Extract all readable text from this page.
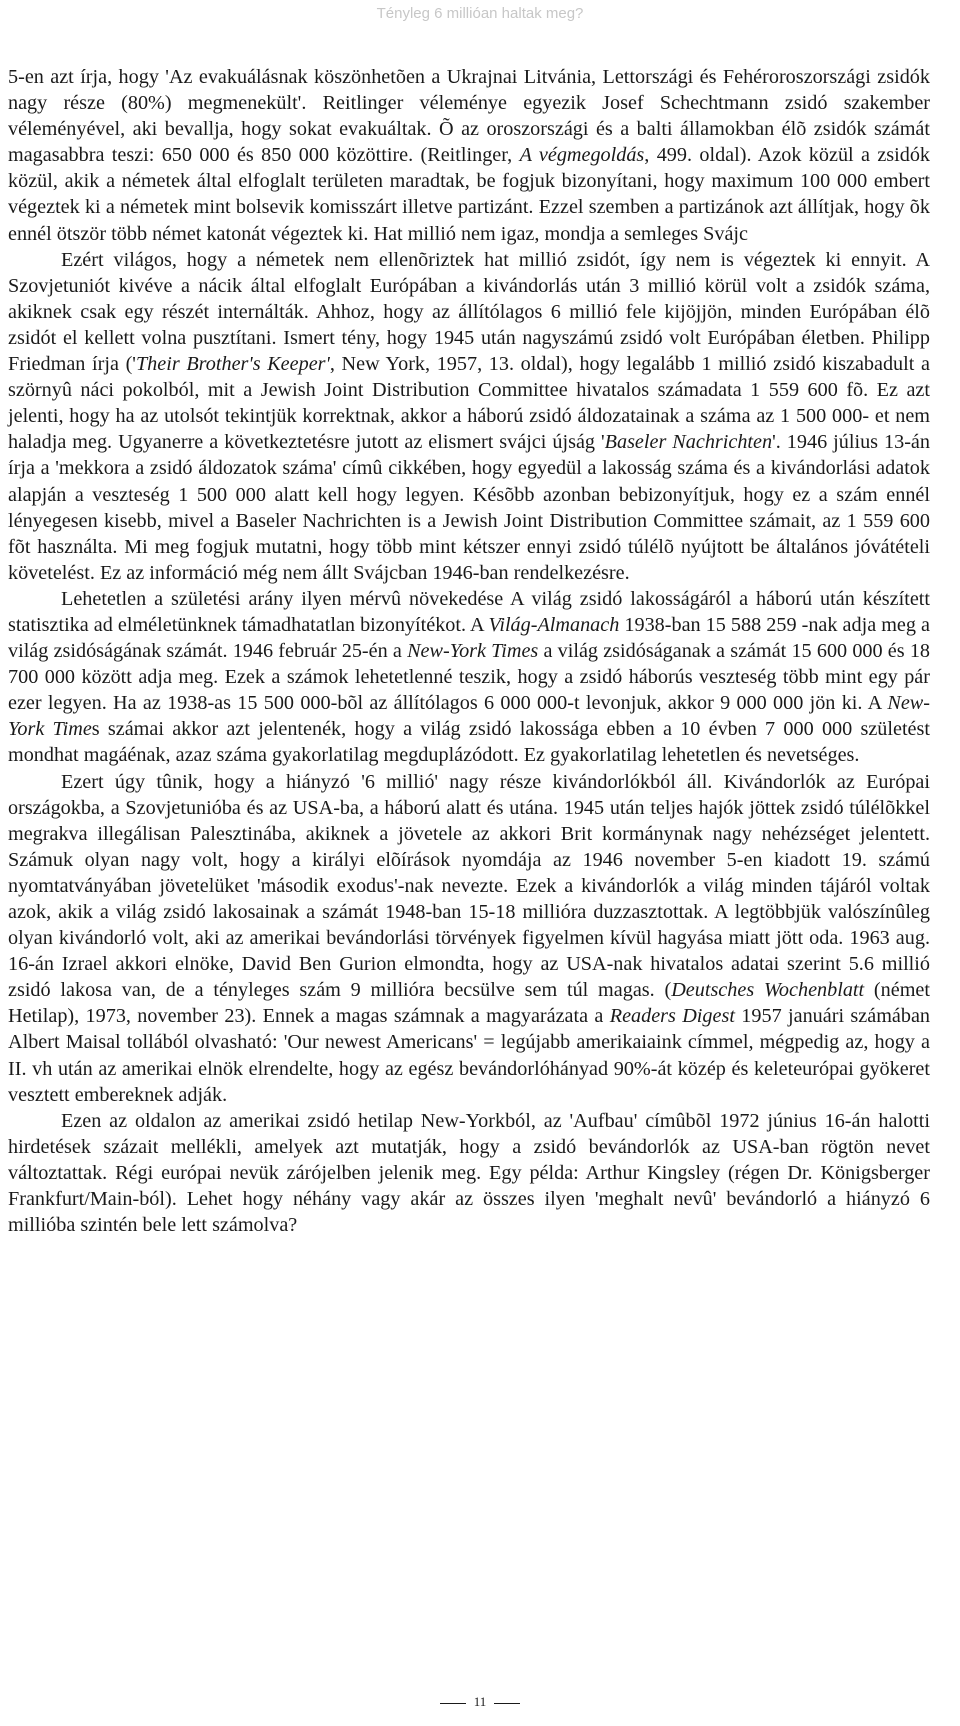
Tényleg 6 millióan haltak meg?

5-en azt írja, hogy 'Az evakuálásnak köszönhetõen a Ukrajnai Litvánia, Lettországi és Fehéroroszországi zsidók nagy része (80%) megmenekült'. Reitlinger véleménye egyezik Josef Schechtmann zsidó szakember véleményével, aki bevallja, hogy sokat evakuáltak. Õ az oroszországi és a balti államokban élõ zsidók számát magasabbra teszi: 650 000 és 850 000 közöttire. (Reitlinger, A végmegoldás, 499. oldal). Azok közül a zsidók közül, akik a németek által elfoglalt területen maradtak, be fogjuk bizonyítani, hogy maximum 100 000 embert végeztek ki a németek mint bolsevik komisszárt illetve partizánt. Ezzel szemben a partizánok azt állítjak, hogy õk ennél ötször több német katonát végeztek ki. Hat millió nem igaz, mondja a semleges Svájc

Ezért világos, hogy a németek nem ellenõriztek hat millió zsidót, így nem is végeztek ki ennyit. A Szovjetuniót kivéve a nácik által elfoglalt Európában a kivándorlás után 3 millió körül volt a zsidók száma, akiknek csak egy részét internálták. Ahhoz, hogy az állítólagos 6 millió fele kijöjjön, minden Európában élõ zsidót el kellett volna pusztítani. Ismert tény, hogy 1945 után nagyszámú zsidó volt Európában életben. Philipp Friedman írja ('Their Brother's Keeper', New York, 1957, 13. oldal), hogy legalább 1 millió zsidó kiszabadult a szörnyû náci pokolból, mit a Jewish Joint Distribution Committee hivatalos számadata 1 559 600 fõ. Ez azt jelenti, hogy ha az utolsót tekintjük korrektnak, akkor a háború zsidó áldozatainak a száma az 1 500 000- et nem haladja meg. Ugyanerre a következtetésre jutott az elismert svájci újság 'Baseler Nachrichten'. 1946 július 13-án írja a 'mekkora a zsidó áldozatok száma' címû cikkében, hogy egyedül a lakosság száma és a kivándorlási adatok alapján a veszteség 1 500 000 alatt kell hogy legyen. Késõbb azonban bebizonyítjuk, hogy ez a szám ennél lényegesen kisebb, mivel a Baseler Nachrichten is a Jewish Joint Distribution Committee számait, az 1 559 600 fõt használta. Mi meg fogjuk mutatni, hogy több mint kétszer ennyi zsidó túlélõ nyújtott be általános jóvátételi követelést. Ez az információ még nem állt Svájcban 1946-ban rendelkezésre.

Lehetetlen a születési arány ilyen mérvû növekedése A világ zsidó lakosságáról a háború után készített statisztika ad elméletünknek támadhatatlan bizonyítékot. A Világ-Almanach 1938-ban 15 588 259 -nak adja meg a világ zsidóságának számát. 1946 február 25-én a New-York Times a világ zsidóságanak a számát 15 600 000 és 18 700 000 között adja meg. Ezek a számok lehetetlenné teszik, hogy a zsidó háborús veszteség több mint egy pár ezer legyen. Ha az 1938-as 15 500 000-bõl az állítólagos 6 000 000-t levonjuk, akkor 9 000 000 jön ki. A New-York Times számai akkor azt jelentenék, hogy a világ zsidó lakossága ebben a 10 évben 7 000 000 születést mondhat magáénak, azaz száma gyakorlatilag megduplázódott. Ez gyakorlatilag lehetetlen és nevetséges.

Ezert úgy tûnik, hogy a hiányzó '6 millió' nagy része kivándorlókból áll. Kivándorlók az Európai országokba, a Szovjetunióba és az USA-ba, a háború alatt és utána. 1945 után teljes hajók jöttek zsidó túlélõkkel megrakva illegálisan Palesztinába, akiknek a jövetele az akkori Brit kormánynak nagy nehézséget jelentett. Számuk olyan nagy volt, hogy a királyi elõírások nyomdája az 1946 november 5-en kiadott 19. számú nyomtatványában jövetelüket 'második exodus'-nak nevezte. Ezek a kivándorlók a világ minden tájáról voltak azok, akik a világ zsidó lakosainak a számát 1948-ban 15-18 millióra duzzasztottak. A legtöbbjük valószínûleg olyan kivándorló volt, aki az amerikai bevándorlási törvények figyelmen kívül hagyása miatt jött oda. 1963 aug. 16-án Izrael akkori elnöke, David Ben Gurion elmondta, hogy az USA-nak hivatalos adatai szerint 5.6 millió zsidó lakosa van, de a tényleges szám 9 millióra becsülve sem túl magas. (Deutsches Wochenblatt (német Hetilap), 1973, november 23). Ennek a magas számnak a magyarázata a Readers Digest 1957 januári számában Albert Maisal tollából olvasható: 'Our newest Americans' = legújabb amerikaiaink címmel, mégpedig az, hogy a II. vh után az amerikai elnök elrendelte, hogy az egész bevándorlóhányad 90%-át közép és keleteurópai gyökeret vesztett embereknek adják.

Ezen az oldalon az amerikai zsidó hetilap New-Yorkból, az 'Aufbau' címûbõl 1972 június 16-án halotti hirdetések százait mellékli, amelyek azt mutatják, hogy a zsidó bevándorlók az USA-ban rögtön nevet változtattak. Régi európai nevük zárójelben jelenik meg. Egy példa: Arthur Kingsley (régen Dr. Königsberger Frankfurt/Main-ból). Lehet hogy néhány vagy akár az összes ilyen 'meghalt nevû' bevándorló a hiányzó 6 millióba szintén bele lett számolva?

11
